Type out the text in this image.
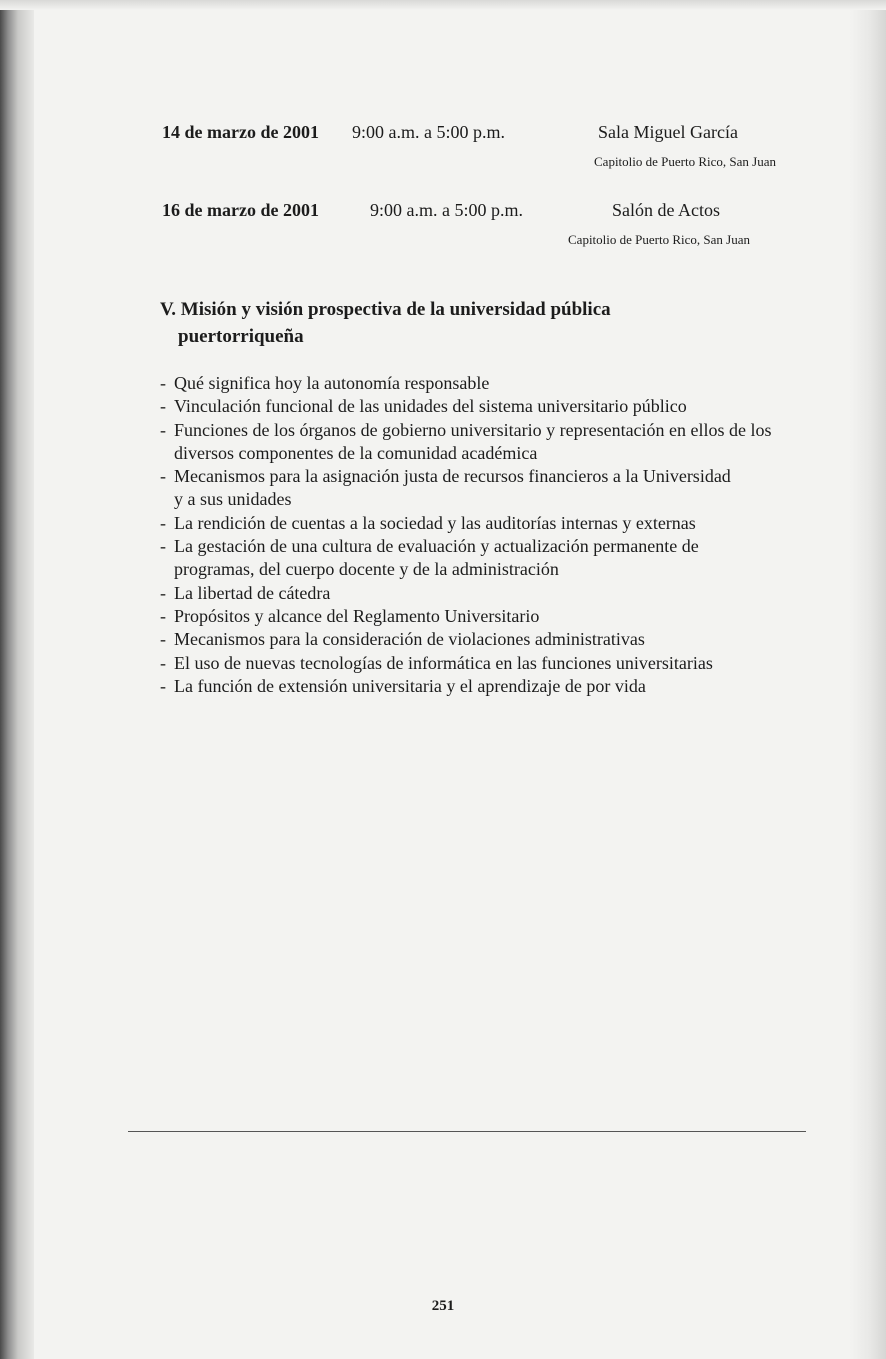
14 de marzo de 2001 9:00 a.m. a 5:00 p.m.	Sala Miguel García
Capitolio de Puerto Rico, San Juan
16 de marzo de 2001	9:00 a.m. a 5:00 p.m.	Salón de Actos
Capitolio de Puerto Rico, San Juan
V. Misión y visión prospectiva de la universidad pública
puertorriqueña
- Qué significa hoy la autonomía responsable
- Vinculación funcional de las unidades del sistema universitario público
- Funciones de los órganos de gobierno universitario y representación en ellos de los diversos componentes de la comunidad académica
- Mecanismos para la asignación justa de recursos financieros a la Universidad y a sus unidades
- La rendición de cuentas a la sociedad y las auditorías internas y externas
- La gestación de una cultura de evaluación y actualización permanente de programas, del cuerpo docente y de la administración
- La libertad de cátedra
- Propósitos y alcance del Reglamento Universitario
- Mecanismos para la consideración de violaciones administrativas
- El uso de nuevas tecnologías de informática en las funciones universitarias
- La función de extensión universitaria y el aprendizaje de por vida
251
